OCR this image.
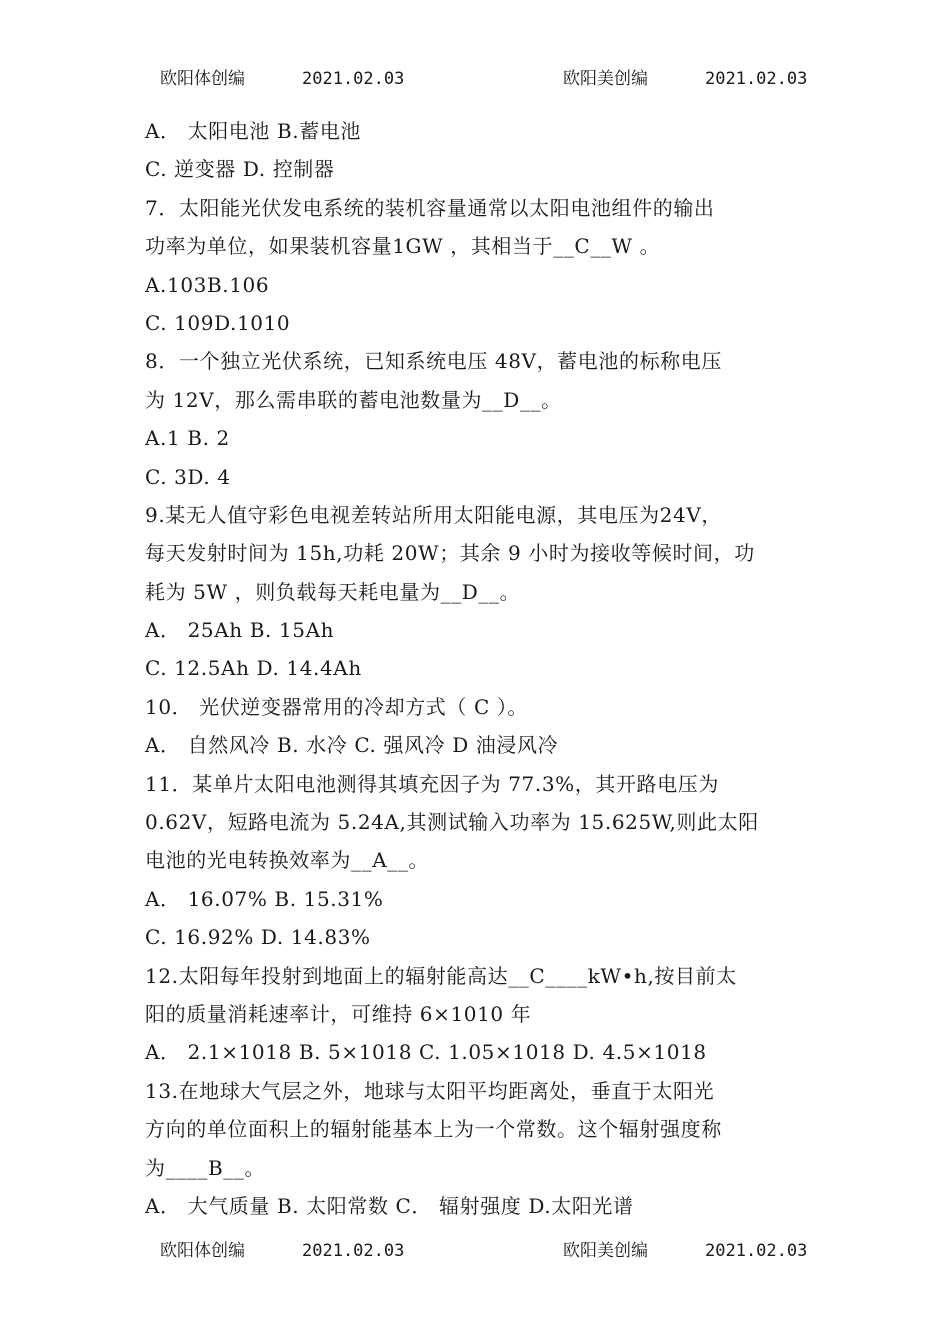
欧阳体创编	2021.02.03	欧阳美创编	2021.02.03
A． 太阳电池 B.蓄电池
C. 逆变器 D. 控制器
7．太阳能光伏发电系统的装机容量通常以太阳电池组件的输出
功率为单位，如果装机容量1GW ，其相当于__C__W 。
A.103B.106
C. 109D.1010
8．一个独立光伏系统，已知系统电压 48V，蓄电池的标称电压
为 12V，那么需串联的蓄电池数量为__D__。
A.1 B. 2
C. 3D. 4
9.某无人值守彩色电视差转站所用太阳能电源，其电压为24V，
每天发射时间为 15h,功耗 20W；其余 9 小时为接收等候时间，功
耗为 5W ，则负载每天耗电量为__D__。
A． 25Ah B. 15Ah
C. 12.5Ah D. 14.4Ah
10． 光伏逆变器常用的冷却方式（ C ）。
A． 自然风冷 B. 水冷 C. 强风冷 D 油浸风冷
11．某单片太阳电池测得其填充因子为 77.3%，其开路电压为
0.62V，短路电流为 5.24A,其测试输入功率为 15.625W,则此太阳
电池的光电转换效率为__A__。
A． 16.07% B. 15.31%
C. 16.92% D. 14.83%
12.太阳每年投射到地面上的辐射能高达__C____kW•h,按目前太
阳的质量消耗速率计，可维持 6×1010 年
A． 2.1×1018 B. 5×1018 C. 1.05×1018 D. 4.5×1018
13.在地球大气层之外，地球与太阳平均距离处，垂直于太阳光
方向的单位面积上的辐射能基本上为一个常数。这个辐射强度称
为____B__。
A． 大气质量 B. 太阳常数 C． 辐射强度 D.太阳光谱
欧阳体创编	2021.02.03	欧阳美创编	2021.02.03
